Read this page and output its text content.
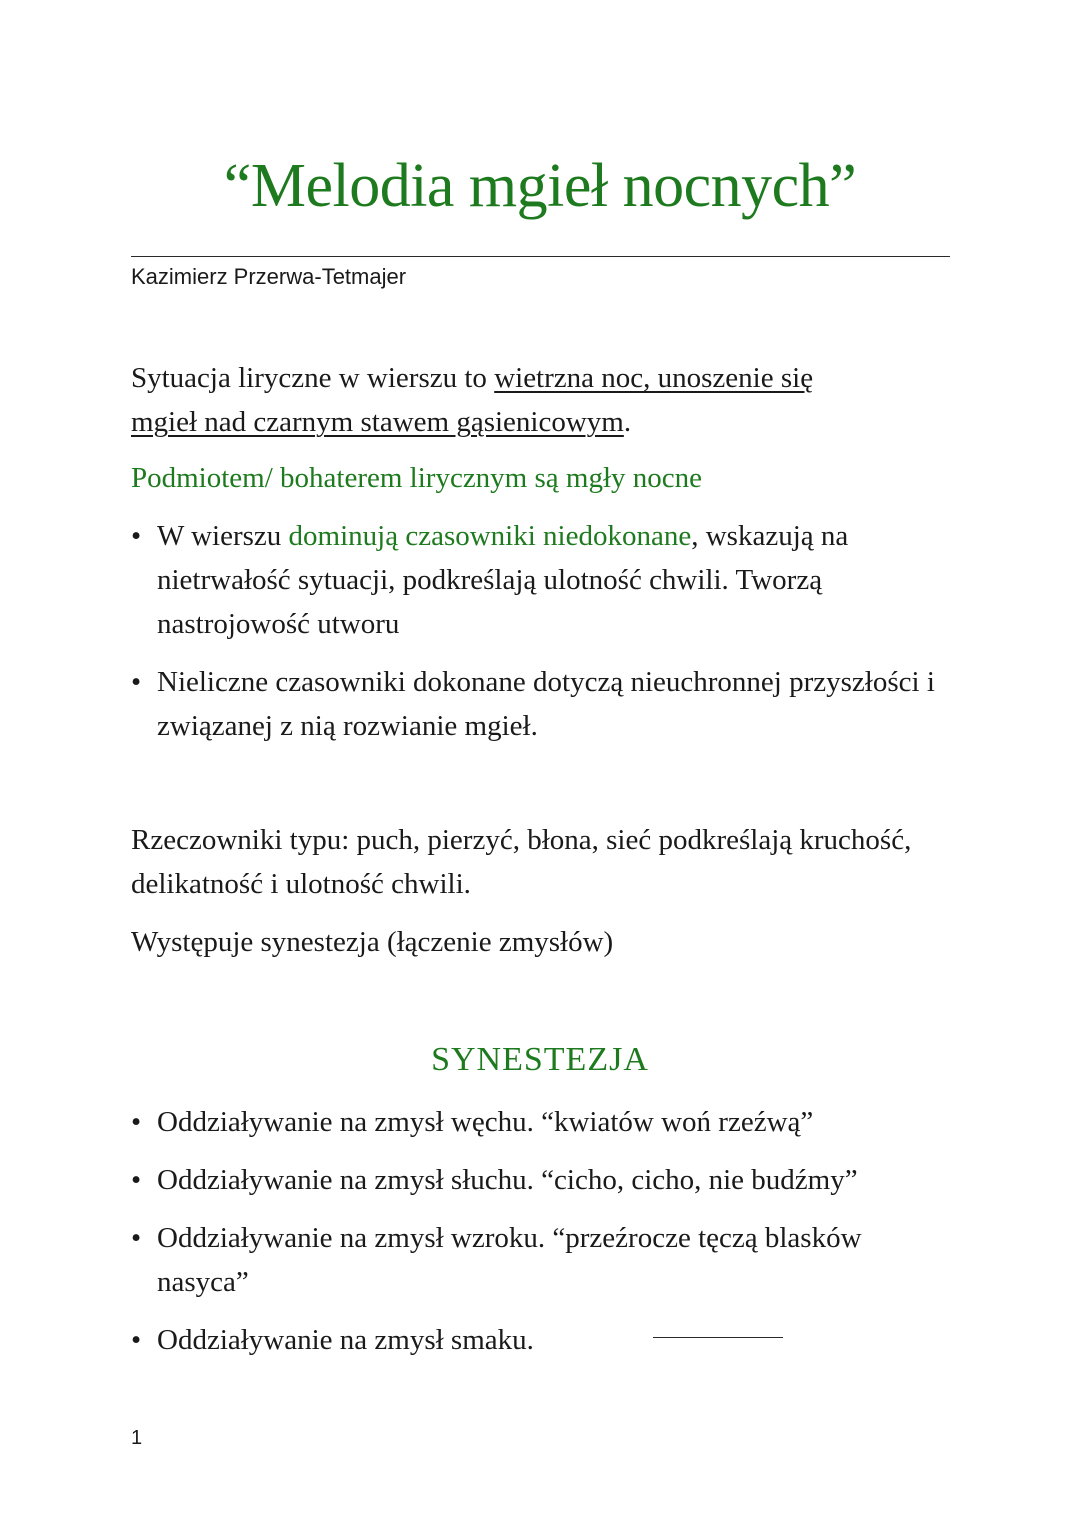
“Melodia mgieł nocnych”
Kazimierz Przerwa-Tetmajer

Sytuacja liryczne w wierszu to wietrzna noc, unoszenie się
mgieł nad czarnym stawem gąsienicowym.

Podmiotem/ bohaterem lirycznym są mgły nocne

• W wierszu dominują czasowniki niedokonane, wskazują na nietrwałość sytuacji, podkreślają ulotność chwili. Tworzą nastrojowość utworu
• Nieliczne czasowniki dokonane dotyczą nieuchronnej przyszłości i związanej z nią rozwianie mgieł.

Rzeczowniki typu: puch, pierzyć, błona, sieć podkreślają kruchość, delikatność i ulotność chwili.

Występuje synestezja (łączenie zmysłów)

SYNESTEZJA
• Oddziaływanie na zmysł węchu. “kwiatów woń rzeźwą”
• Oddziaływanie na zmysł słuchu. “cicho, cicho, nie budźmy”
• Oddziaływanie na zmysł wzroku. “przeźrocze tęczą blasków nasyca”
• Oddziaływanie na zmysł smaku.
1
